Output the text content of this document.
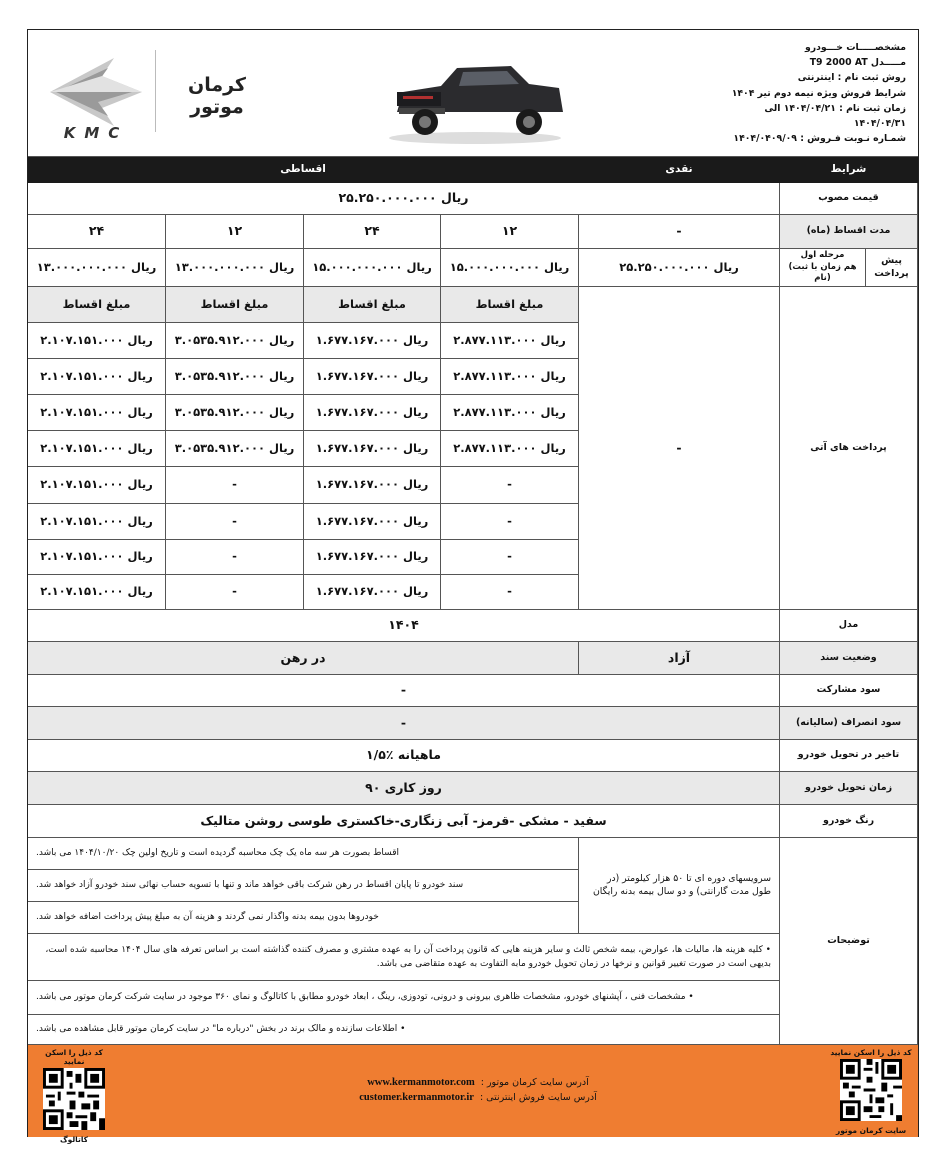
KMC
کرمان موتور
مشخصـــــات خـــودرو
مـــــدل T9 2000 AT
روش ثبت نام : اینترنتی
شرایط فروش ویژه نیمه دوم تیر ۱۴۰۴
زمان ثبت نام : ۱۴۰۴/۰۴/۲۱ الی ۱۴۰۴/۰۴/۳۱
شمـاره نـوبت فـروش : ۱۴۰۴/۰۴۰۹/۰۹
شرایط
نقدی
اقساطی
قیمت مصوب
۲۵.۲۵۰.۰۰۰.۰۰۰ ریال
مدت اقساط (ماه)
-
۱۲
۲۴
۱۲
۲۴
پیش پرداخت
مرحله اول
(هم زمان با ثبت نام)
۲۵.۲۵۰.۰۰۰.۰۰۰ ریال
۱۵.۰۰۰.۰۰۰.۰۰۰ ریال
۱۵.۰۰۰.۰۰۰.۰۰۰ ریال
۱۳.۰۰۰.۰۰۰.۰۰۰ ریال
۱۳.۰۰۰.۰۰۰.۰۰۰ ریال
پرداخت های آتی
-
مبلغ اقساط
مبلغ اقساط
مبلغ اقساط
مبلغ اقساط
۲.۸۷۷.۱۱۳.۰۰۰ ریال
۱.۶۷۷.۱۶۷.۰۰۰ ریال
۳.۰۵۳۵.۹۱۲.۰۰۰ ریال
۲.۱۰۷.۱۵۱.۰۰۰ ریال
۲.۸۷۷.۱۱۳.۰۰۰ ریال
۱.۶۷۷.۱۶۷.۰۰۰ ریال
۳.۰۵۳۵.۹۱۲.۰۰۰ ریال
۲.۱۰۷.۱۵۱.۰۰۰ ریال
۲.۸۷۷.۱۱۳.۰۰۰ ریال
۱.۶۷۷.۱۶۷.۰۰۰ ریال
۳.۰۵۳۵.۹۱۲.۰۰۰ ریال
۲.۱۰۷.۱۵۱.۰۰۰ ریال
۲.۸۷۷.۱۱۳.۰۰۰ ریال
۱.۶۷۷.۱۶۷.۰۰۰ ریال
۳.۰۵۳۵.۹۱۲.۰۰۰ ریال
۲.۱۰۷.۱۵۱.۰۰۰ ریال
-
۱.۶۷۷.۱۶۷.۰۰۰ ریال
-
۲.۱۰۷.۱۵۱.۰۰۰ ریال
-
۱.۶۷۷.۱۶۷.۰۰۰ ریال
-
۲.۱۰۷.۱۵۱.۰۰۰ ریال
-
۱.۶۷۷.۱۶۷.۰۰۰ ریال
-
۲.۱۰۷.۱۵۱.۰۰۰ ریال
-
۱.۶۷۷.۱۶۷.۰۰۰ ریال
-
۲.۱۰۷.۱۵۱.۰۰۰ ریال
مدل
۱۴۰۴
وضعیت سند
آزاد
در رهن
سود مشارکت
-
سود انصراف (سالیانه)
-
تاخیر در تحویل خودرو
۱/۵٪ ماهیانه
زمان تحویل خودرو
۹۰ روز کاری
رنگ خودرو
سفید - مشکی -قرمز- آبی زنگاری-خاکستری طوسی روشن متالیک
توضیحات
سرویسهای دوره ای تا ۵۰ هزار کیلومتر (در طول مدت گارانتی) و دو سال بیمه بدنه رایگان
اقساط بصورت هر سه ماه یک چک محاسبه گردیده است و تاریخ اولین چک ۱۴۰۴/۱۰/۲۰ می باشد.
سند خودرو تا پایان اقساط در رهن شرکت باقی خواهد ماند و تنها با تسویه حساب نهائی سند خودرو آزاد خواهد شد.
خودروها بدون بیمه بدنه واگذار نمی گردند و هزینه آن به مبلغ پیش پرداخت اضافه خواهد شد.
• کلیه هزینه ها، مالیات ها، عوارض، بیمه شخص ثالث و سایر هزینه هایی که قانون پرداخت آن را به عهده مشتری و مصرف کننده گذاشته است بر اساس تعرفه های سال ۱۴۰۴ محاسبه شده است، بدیهی است در صورت تغییر قوانین و نرخها در زمان تحویل خودرو مابه التفاوت به عهده متقاضی می باشد.
• مشخصات فنی ، آپشنهای خودرو، مشخصات ظاهری بیرونی و درونی، تودوزی، رینگ ، ابعاد خودرو مطابق با کاتالوگ و نمای ۳۶۰ موجود در سایت شرکت کرمان موتور می باشد.
• اطلاعات سازنده و مالک برند در بخش "درباره ما" در سایت کرمان موتور قابل مشاهده می باشد.
کد ذیل را اسکن نمایید
کاتالوگ
www.kermanmotor.com آدرس سایت کرمان موتور :
customer.kermanmotor.ir آدرس سایت فروش اینترنتی :
کد ذیل را اسکن نمایید
سایت کرمان موتور
